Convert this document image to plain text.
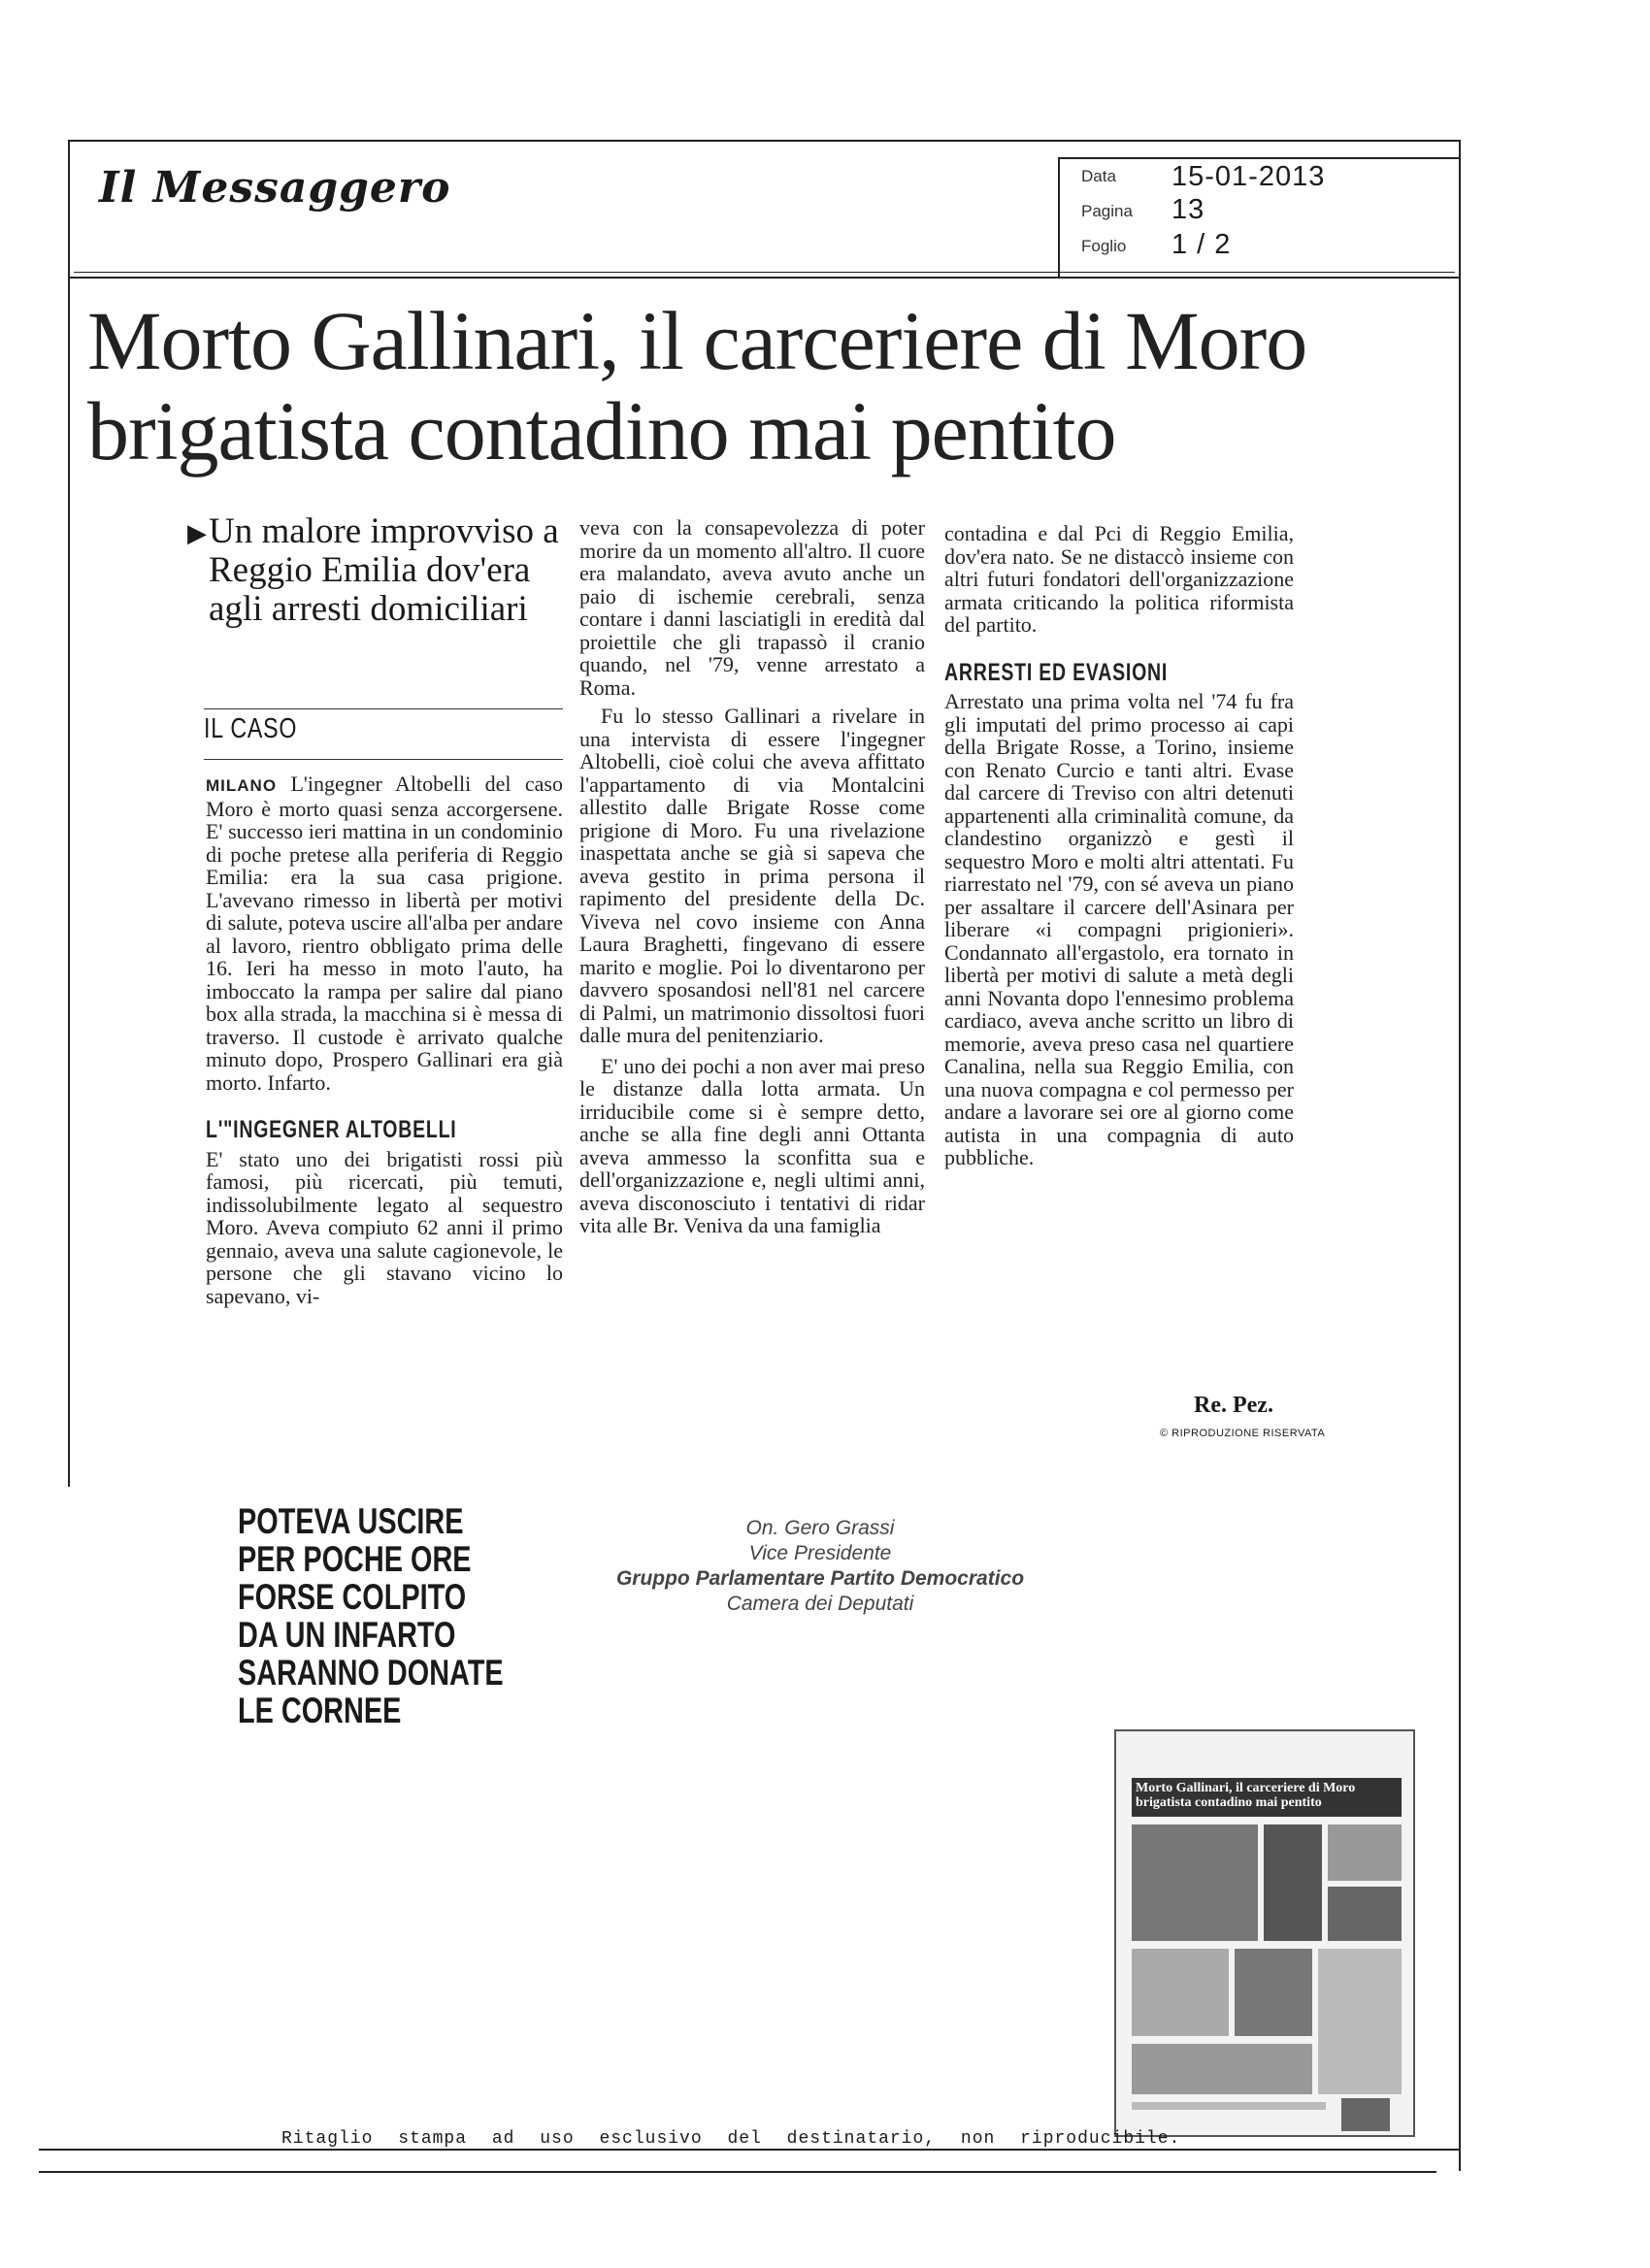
Il Messaggero	Data 15-01-2013
Pagina 13
Foglio 1 / 2
Morto Gallinari, il carceriere di Moro
brigatista contadino mai pentito
▶ Un malore improvviso a Reggio Emilia dov'era agli arresti domiciliari
IL CASO

MILANO L'ingegner Altobelli del caso Moro è morto quasi senza accorgersene. E' successo ieri mattina in un condominio di poche pretese alla periferia di Reggio Emilia: era la sua casa prigione. L'avevano rimesso in libertà per motivi di salute, poteva uscire all'alba per andare al lavoro, rientro obbligato prima delle 16. Ieri ha messo in moto l'auto, ha imboccato la rampa per salire dal piano box alla strada, la macchina si è messa di traverso. Il custode è arrivato qualche minuto dopo, Prospero Gallinari era già morto. Infarto.

L'"INGEGNER ALTOBELLI

E' stato uno dei brigatisti rossi più famosi, più ricercati, più temuti, indissolubilmente legato al sequestro Moro. Aveva compiuto 62 anni il primo gennaio, aveva una salute cagionevole, le persone che gli stavano vicino lo sapevano, vi-

veva con la consapevolezza di poter morire da un momento all'altro. Il cuore era malandato, aveva avuto anche un paio di ischemie cerebrali, senza contare i danni lasciatigli in eredità dal proiettile che gli trapassò il cranio quando, nel '79, venne arrestato a Roma.

Fu lo stesso Gallinari a rivelare in una intervista di essere l'ingegner Altobelli, cioè colui che aveva affittato l'appartamento di via Montalcini allestito dalle Brigate Rosse come prigione di Moro. Fu una rivelazione inaspettata anche se già si sapeva che aveva gestito in prima persona il rapimento del presidente della Dc. Viveva nel covo insieme con Anna Laura Braghetti, fingevano di essere marito e moglie. Poi lo diventarono per davvero sposandosi nell'81 nel carcere di Palmi, un matrimonio dissoltosi fuori dalle mura del penitenziario.

E' uno dei pochi a non aver mai preso le distanze dalla lotta armata. Un irriducibile come si è sempre detto, anche se alla fine degli anni Ottanta aveva ammesso la sconfitta sua e dell'organizzazione e, negli ultimi anni, aveva disconosciuto i tentativi di ridar vita alle Br. Veniva da una famiglia

contadina e dal Pci di Reggio Emilia, dov'era nato. Se ne distaccò insieme con altri futuri fondatori dell'organizzazione armata criticando la politica riformista del partito.

ARRESTI ED EVASIONI

Arrestato una prima volta nel '74 fu fra gli imputati del primo processo ai capi della Brigate Rosse, a Torino, insieme con Renato Curcio e tanti altri. Evase dal carcere di Treviso con altri detenuti appartenenti alla criminalità comune, da clandestino organizzò e gestì il sequestro Moro e molti altri attentati. Fu riarrestato nel '79, con sé aveva un piano per assaltare il carcere dell'Asinara per liberare «i compagni prigionieri». Condannato all'ergastolo, era tornato in libertà per motivi di salute a metà degli anni Novanta dopo l'ennesimo problema cardiaco, aveva anche scritto un libro di memorie, aveva preso casa nel quartiere Canalina, nella sua Reggio Emilia, con una nuova compagna e col permesso per andare a lavorare sei ore al giorno come autista in una compagnia di auto pubbliche.

Re. Pez.
© RIPRODUZIONE RISERVATA
POTEVA USCIRE
PER POCHE ORE
FORSE COLPITO
DA UN INFARTO
SARANNO DONATE
LE CORNEE
On. Gero Grassi
Vice Presidente
Gruppo Parlamentare Partito Democratico
Camera dei Deputati
Morto Gallinari, il carceriere di Moro
brigatista contadino mai pentito
Ritaglio stampa ad uso esclusivo del destinatario, non riproducibile.
